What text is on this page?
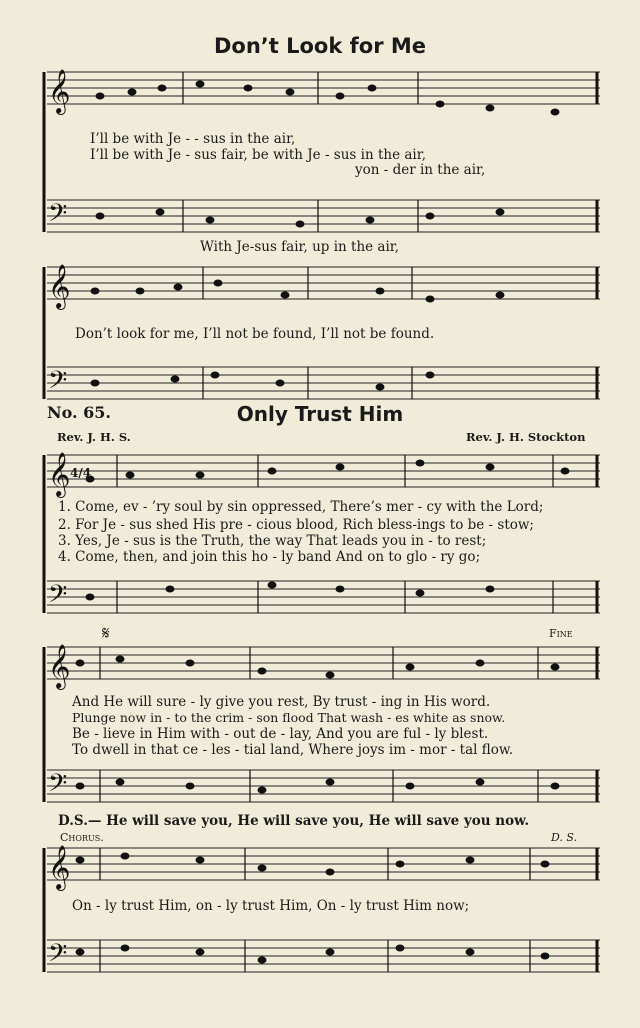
Don’t Look for Me
𝄞
𝄢
𝄞
𝄢
𝄞
𝄢
𝄞
𝄢
𝄞
𝄢
I’ll be with Je - - sus in the air,
I’ll be with Je - sus fair, be with Je - sus in the air,
yon - der in the air,
With Je-sus fair, up in the air,
Don’t look for me, I’ll not be found, I’ll not be found.
No. 65.	Only Trust Him
Rev. J. H. S.	Rev. J. H. Stockton
4/4
1. Come, ev - ’ry soul by sin oppressed, There’s mer - cy with the Lord;
2. For Je - sus shed His pre - cious blood, Rich bless-ings to be - stow;
3. Yes, Je - sus is the Truth, the way That leads you in - to rest;
4. Come, then, and join this ho - ly band And on to glo - ry go;
𝄋	Fine
And He will sure - ly give you rest, By trust - ing in His word.
Plunge now in - to the crim - son flood That wash - es white as snow.
Be - lieve in Him with - out de - lay, And you are ful - ly blest.
To dwell in that ce - les - tial land, Where joys im - mor - tal flow.
D.S.— He will save you, He will save you, He will save you now.
Chorus.	D. S.
On - ly trust Him, on - ly trust Him, On - ly trust Him now;
